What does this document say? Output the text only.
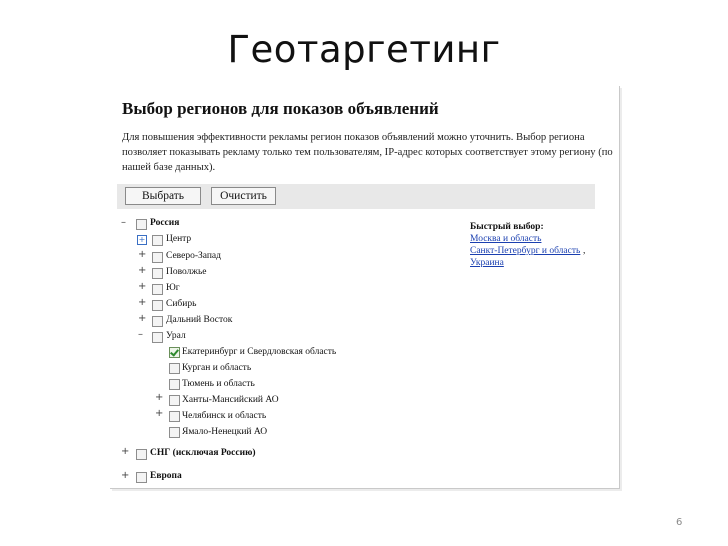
Геотаргетинг
Выбор регионов для показов объявлений
Для повышения эффективности рекламы регион показов объявлений можно уточнить. Выбор региона позволяет показывать рекламу только тем пользователям, IP-адрес которых соответствует этому региону (по нашей базе данных).
Выбрать	Очистить
–	Россия
+ Центр
+ Северо-Запад
+ Поволжье
+ Юг
+ Сибирь
+ Дальний Восток
– Урал
Екатеринбург и Свердловская область
Курган и область
Тюмень и область
+ Ханты-Мансийский АО
+ Челябинск и область
Ямало-Ненецкий АО
+ СНГ (исключая Россию)
+ Европа
Быстрый выбор:
Москва и область
Санкт-Петербург и область ,
Украина
6
